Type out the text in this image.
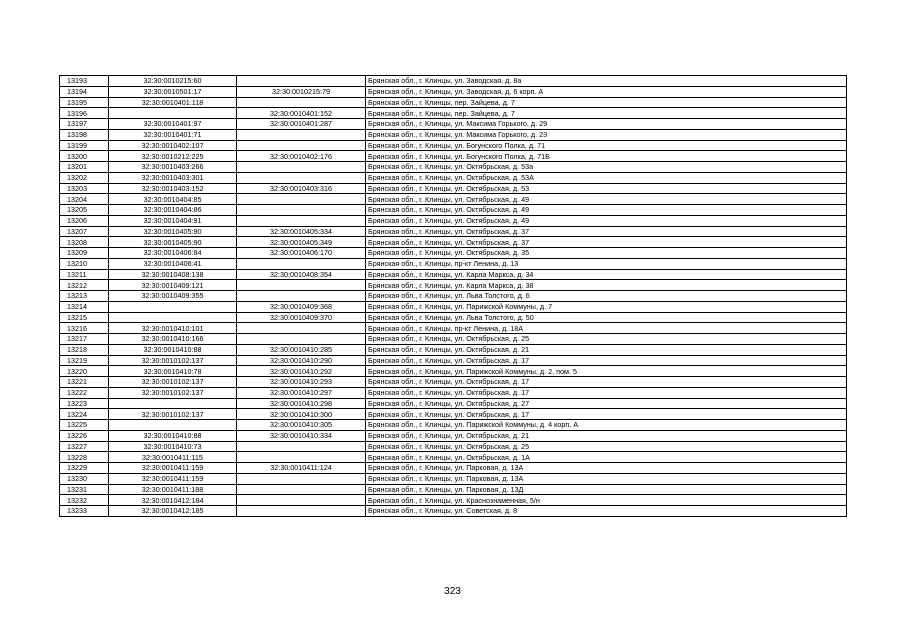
13193	32:30:0010215:60		Брянская обл., г. Клинцы, ул. Заводская, д. 8а
13194	32:30:0010501:17	32:30:0010215:79	Брянская обл., г. Клинцы, ул. Заводская, д. 6 корп. А
13195	32:30:0010401:118		Брянская обл., г. Клинцы, пер. Зайцева, д. 7
13196		32:30:0010401:152	Брянская обл., г. Клинцы, пер. Зайцева, д. 7
13197	32:30:0010401:97	32:30:0010401:287	Брянская обл., г. Клинцы, ул. Максима Горького, д. 29
13198	32:30:0010401:71		Брянская обл., г. Клинцы, ул. Максима Горького, д. 23
13199	32:30:0010402:107		Брянская обл., г. Клинцы, ул. Богунского Полка, д. 71
13200	32:30:0010212:225	32:30:0010402:176	Брянская обл., г. Клинцы, ул. Богунского Полка, д. 71Б
13201	32:30:0010403:266		Брянская обл., г. Клинцы, ул. Октябрьская, д. 53а
13202	32:30:0010403:301		Брянская обл., г. Клинцы, ул. Октябрьская, д. 53А
13203	32:30:0010403:152	32:30:0010403:316	Брянская обл., г. Клинцы, ул. Октябрьская, д. 53
13204	32:30:0010404:85		Брянская обл., г. Клинцы, ул. Октябрьская, д. 49
13205	32:30:0010404:86		Брянская обл., г. Клинцы, ул. Октябрьская, д. 49
13206	32:30:0010404:91		Брянская обл., г. Клинцы, ул. Октябрьская, д. 49
13207	32:30:0010405:90	32:30:0010405:334	Брянская обл., г. Клинцы, ул. Октябрьская, д. 37
13208	32:30:0010405:90	32:30:0010405:349	Брянская обл., г. Клинцы, ул. Октябрьская, д. 37
13209	32:30:0010406:84	32:30:0010406:170	Брянская обл., г. Клинцы, ул. Октябрьская, д. 35
13210	32:30:0010406:41		Брянская обл., г. Клинцы, пр-кт Ленина, д. 13
13211	32:30:0010408:138	32:30:0010408:354	Брянская обл., г. Клинцы, ул. Карла Маркса, д. 34
13212	32:30:0010409:121		Брянская обл., г. Клинцы, ул. Карла Маркса, д. 38
13213	32:30:0010409:355		Брянская обл., г. Клинцы, ул. Льва Толстого, д. 6
13214		32:30:0010409:368	Брянская обл., г. Клинцы, ул. Парижской Коммуны, д. 7
13215		32:30:0010409:370	Брянская обл., г. Клинцы, ул. Льва Толстого, д. 50
13216	32:30:0010410:101		Брянская обл., г. Клинцы, пр-кт Ленина, д. 18А
13217	32:30:0010410:166		Брянская обл., г. Клинцы, ул. Октябрьская, д. 25
13218	32:30:0010410:88	32:30:0010410:285	Брянская обл., г. Клинцы, ул. Октябрьская, д. 21
13219	32:30:0010102:137	32:30:0010410:290	Брянская обл., г. Клинцы, ул. Октябрьская, д. 17
13220	32:30:0010410:78	32:30:0010410:292	Брянская обл., г. Клинцы, ул. Парижской Коммуны, д. 2, пом. 5
13221	32:30:0010102:137	32:30:0010410:293	Брянская обл., г. Клинцы, ул. Октябрьская, д. 17
13222	32:30:0010102:137	32:30:0010410:297	Брянская обл., г. Клинцы, ул. Октябрьская, д. 17
13223		32:30:0010410:298	Брянская обл., г. Клинцы, ул. Октябрьская, д. 27
13224	32:30:0010102:137	32:30:0010410:300	Брянская обл., г. Клинцы, ул. Октябрьская, д. 17
13225		32:30:0010410:305	Брянская обл., г. Клинцы, ул. Парижской Коммуны, д. 4 корп. А
13226	32:30:0010410:88	32:30:0010410:334	Брянская обл., г. Клинцы, ул. Октябрьская, д. 21
13227	32:30:0010410:73		Брянская обл., г. Клинцы, ул. Октябрьская, д. 25
13228	32:30:0010411:115		Брянская обл., г. Клинцы, ул. Октябрьская, д. 1А
13229	32:30:0010411:159	32:30:0010411:124	Брянская обл., г. Клинцы, ул. Парковая, д. 13А
13230	32:30:0010411:159		Брянская обл., г. Клинцы, ул. Парковая, д. 13А
13231	32:30:0010411:188		Брянская обл., г. Клинцы, ул. Парковая, д. 13Д
13232	32:30:0010412:184		Брянская обл., г. Клинцы, ул. Краснознаменная, 5/н
13233	32:30:0010412:185		Брянская обл., г. Клинцы, ул. Советская, д. 8
323
